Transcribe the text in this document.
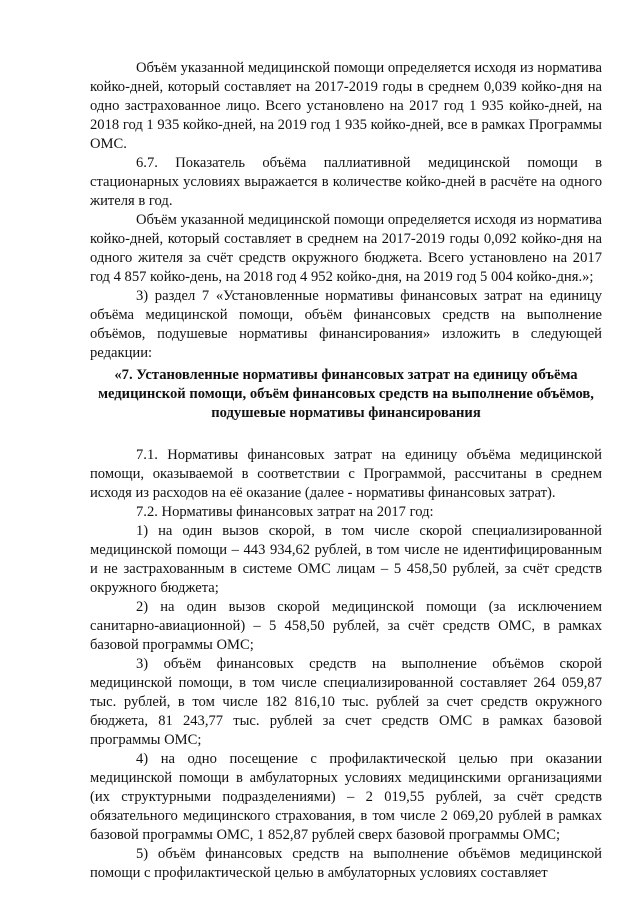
Объём указанной медицинской помощи определяется исходя из норматива койко-дней, который составляет на 2017-2019 годы в среднем 0,039 койко-дня на одно застрахованное лицо. Всего установлено на 2017 год 1 935 койко-дней, на 2018 год 1 935 койко-дней, на 2019 год 1 935 койко-дней, все в рамках Программы ОМС.

6.7. Показатель объёма паллиативной медицинской помощи в стационарных условиях выражается в количестве койко-дней в расчёте на одного жителя в год.

Объём указанной медицинской помощи определяется исходя из норматива койко-дней, который составляет в среднем на 2017-2019 годы 0,092 койко-дня на одного жителя за счёт средств окружного бюджета. Всего установлено на 2017 год 4 857 койко-день, на 2018 год 4 952 койко-дня, на 2019 год 5 004 койко-дня.»;

3) раздел 7 «Установленные нормативы финансовых затрат на единицу объёма медицинской помощи, объём финансовых средств на выполнение объёмов, подушевые нормативы финансирования» изложить в следующей редакции:

«7. Установленные нормативы финансовых затрат на единицу объёма медицинской помощи, объём финансовых средств на выполнение объёмов, подушевые нормативы финансирования

7.1. Нормативы финансовых затрат на единицу объёма медицинской помощи, оказываемой в соответствии с Программой, рассчитаны в среднем исходя из расходов на её оказание (далее - нормативы финансовых затрат).

7.2. Нормативы финансовых затрат на 2017 год:

1) на один вызов скорой, в том числе скорой специализированной медицинской помощи – 443 934,62 рублей, в том числе не идентифицированным и не застрахованным в системе ОМС лицам – 5 458,50 рублей, за счёт средств окружного бюджета;

2) на один вызов скорой медицинской помощи (за исключением санитарно-авиационной) – 5 458,50 рублей, за счёт средств ОМС, в рамках базовой программы ОМС;

3) объём финансовых средств на выполнение объёмов скорой медицинской помощи, в том числе специализированной составляет 264 059,87 тыс. рублей, в том числе 182 816,10 тыс. рублей за счет средств окружного бюджета, 81 243,77 тыс. рублей за счет средств ОМС в рамках базовой программы ОМС;

4) на одно посещение с профилактической целью при оказании медицинской помощи в амбулаторных условиях медицинскими организациями (их структурными подразделениями) – 2 019,55 рублей, за счёт средств обязательного медицинского страхования, в том числе 2 069,20 рублей в рамках базовой программы ОМС, 1 852,87 рублей сверх базовой программы ОМС;

5) объём финансовых средств на выполнение объёмов медицинской помощи с профилактической целью в амбулаторных условиях составляет
